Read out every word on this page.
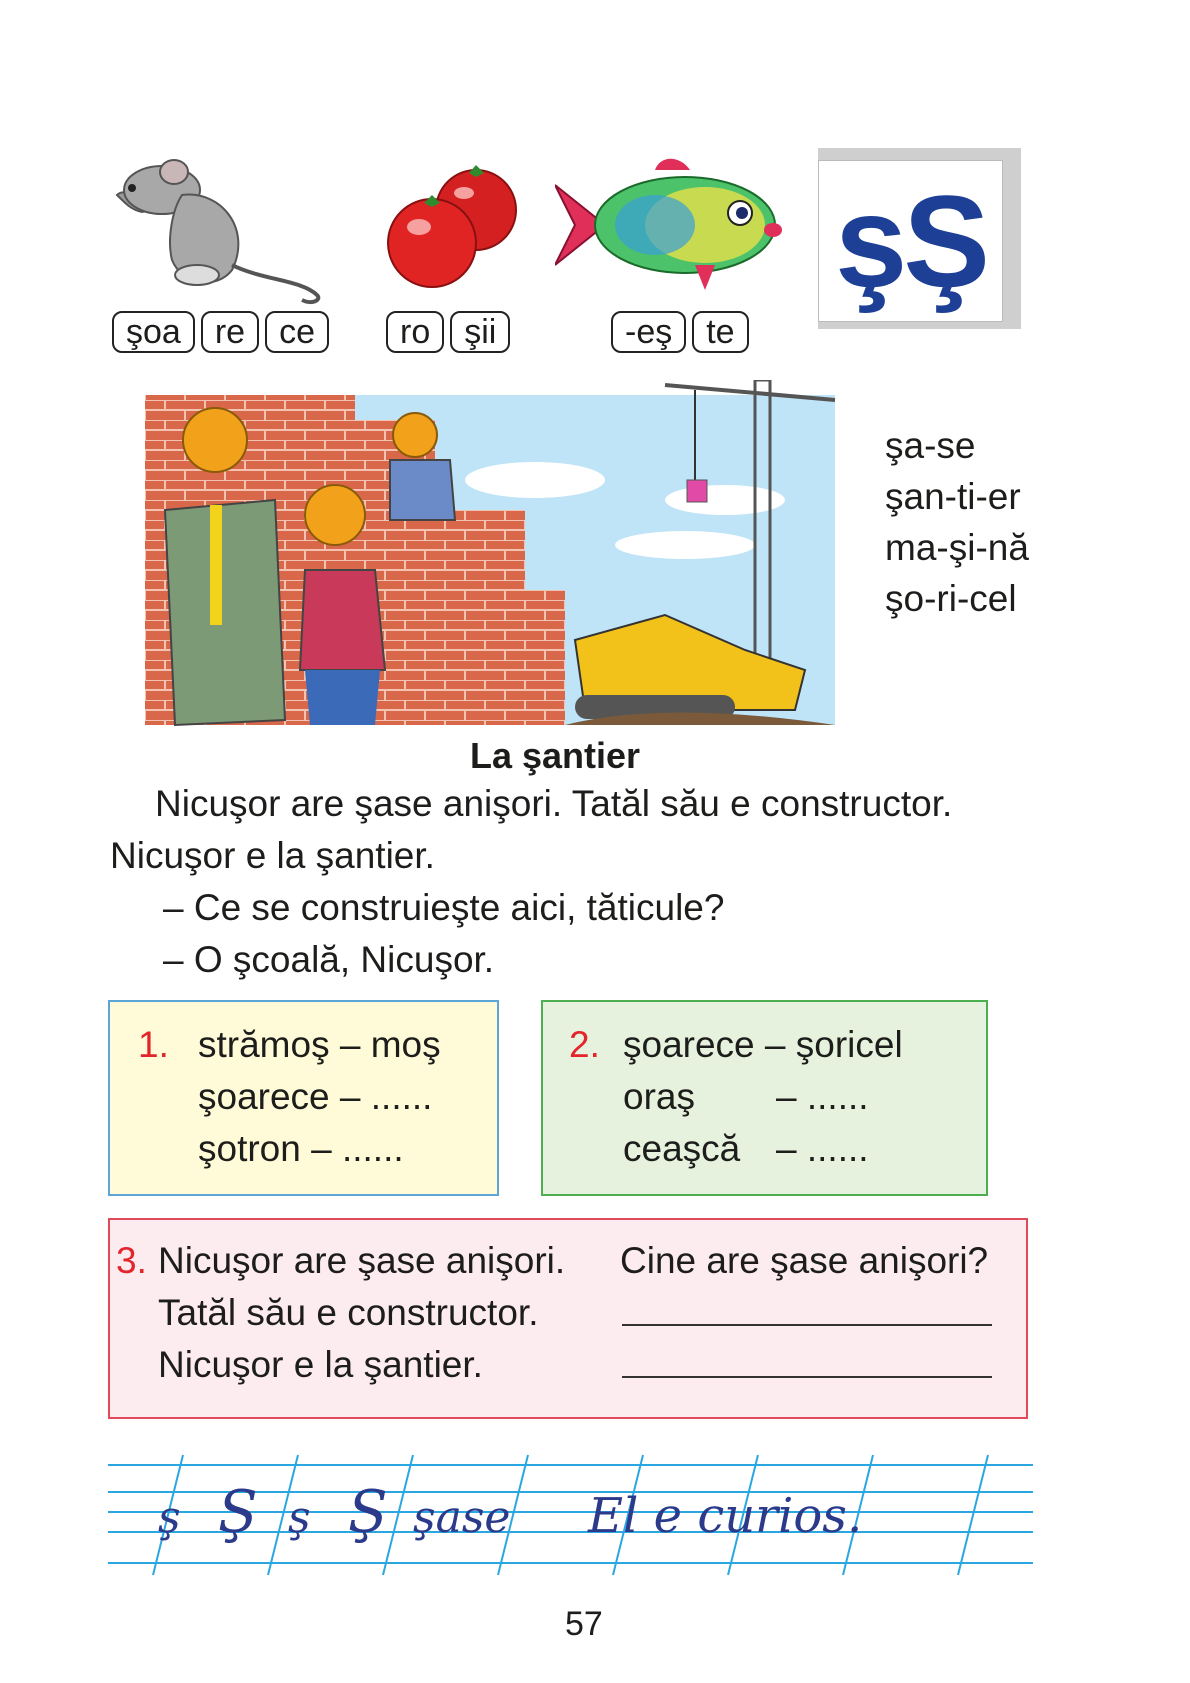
şoa	re	ce	ro	şii	-eş	te
şŞ
şa-se
şan-ti-er
ma-şi-nă
şo-ri-cel
La şantier
Nicuşor are şase anişori. Tatăl său e constructor.
Nicuşor e la şantier.
– Ce se construieşte aici, tăticule?
– O şcoală, Nicuşor.
1. strămoş – moş
şoarece – ......
şotron – ......
2. şoarece – şoricel
oraş – ......
ceaşcă – ......
3. Nicuşor are şase anişori.
Tatăl său e constructor.
Nicuşor e la şantier.
Cine are şase anişori?
ş Ş ş Ş şase El e curios.
57
